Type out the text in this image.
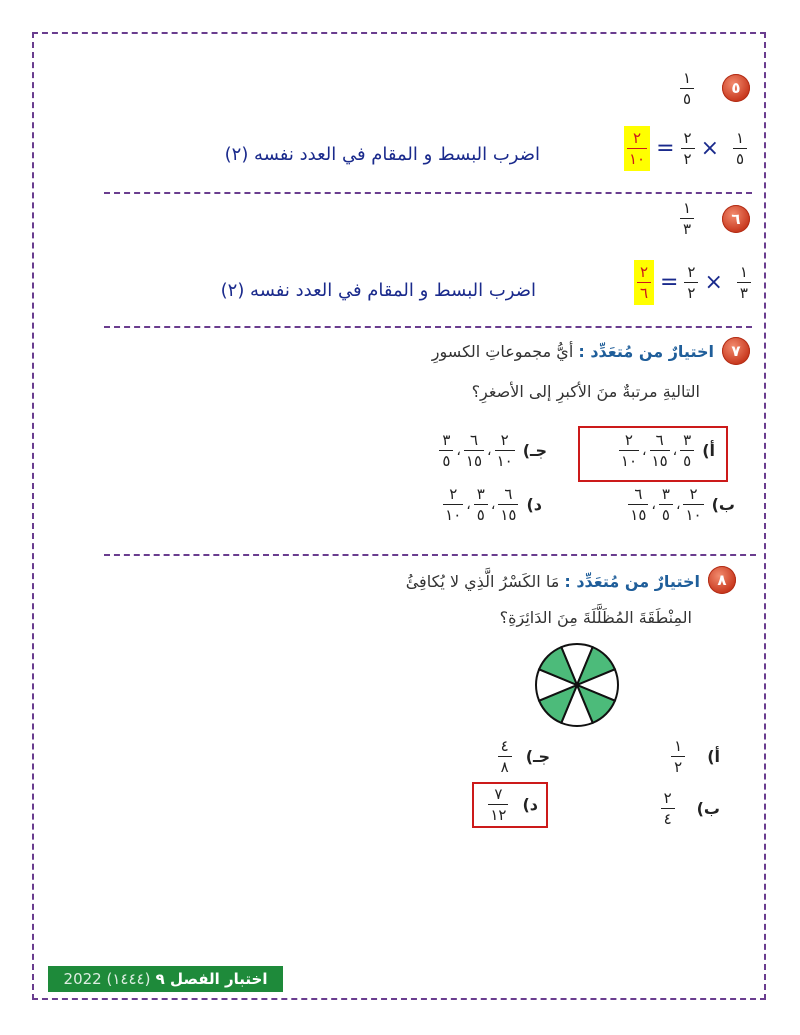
٥
$\frac{١}{٥}$
$\frac{٢}{١٠} = \frac{٢}{٢} \times \frac{١}{٥}$
اضرب البسط و المقام في العدد نفسه (٢)
٦
$\frac{١}{٣}$
$\frac{٢}{٦} = \frac{٢}{٢} \times \frac{١}{٣}$
اضرب البسط و المقام في العدد نفسه (٢)
٧
اختيارٌ من مُتعَدِّد : أيُّ مجموعاتِ الكسورِ
التاليةِ مرتبةٌ منَ الأكبرِ إلى الأصغرِ؟
أ)
$\frac{٣}{٥}$
،
$\frac{٦}{١٥}$
،
$\frac{٢}{١٠}$
جـ)
$\frac{٢}{١٠}$
،
$\frac{٦}{١٥}$
،
$\frac{٣}{٥}$
ب)
$\frac{٢}{١٠}$
،
$\frac{٣}{٥}$
،
$\frac{٦}{١٥}$
د)
$\frac{٦}{١٥}$
،
$\frac{٣}{٥}$
،
$\frac{٢}{١٠}$
٨
اختيارٌ من مُتعَدِّد : مَا الكَسْرُ الَّذِي لا يُكافِئُ
المِنْطَقَةَ المُظَلَّلَةَ مِنَ الدَائِرَةِ؟
أ)
$\frac{١}{٢}$
جـ)
$\frac{٤}{٨}$
ب)
$\frac{٢}{٤}$
د)
$\frac{٧}{١٢}$
اختبار الفصل ٩

(١٤٤٤) 2022
